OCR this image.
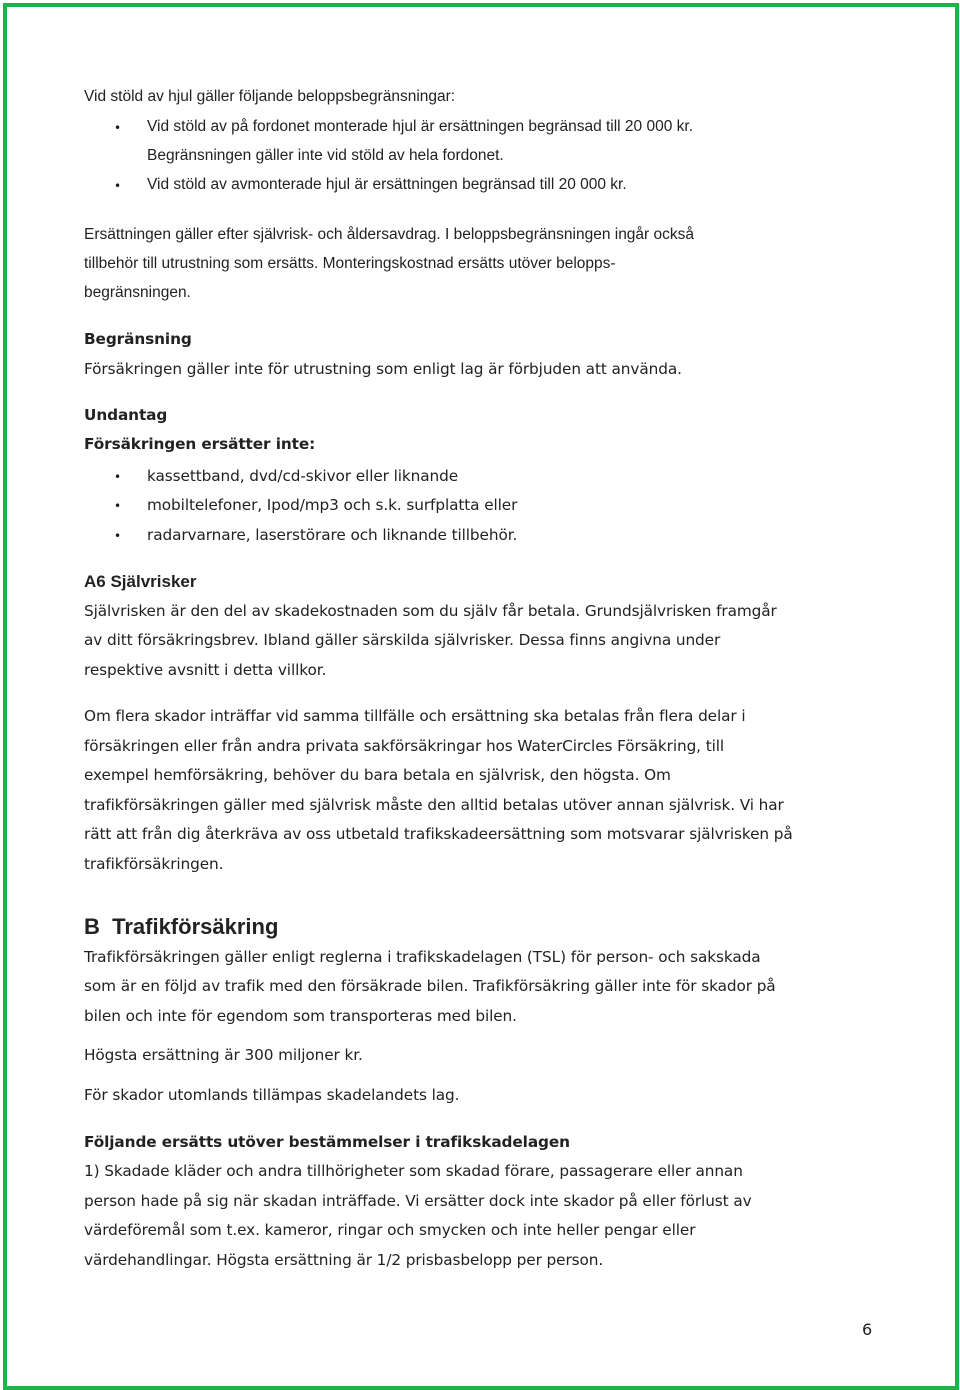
Vid stöld av hjul gäller följande beloppsbegränsningar:
• Vid stöld av på fordonet monterade hjul är ersättningen begränsad till 20 000 kr.
Begränsningen gäller inte vid stöld av hela fordonet.
• Vid stöld av avmonterade hjul är ersättningen begränsad till 20 000 kr.
Ersättningen gäller efter självrisk- och åldersavdrag. I beloppsbegränsningen ingår också
tillbehör till utrustning som ersätts. Monteringskostnad ersätts utöver belopps-
begränsningen.
Begränsning
Försäkringen gäller inte för utrustning som enligt lag är förbjuden att använda.
Undantag
Försäkringen ersätter inte:
• kassettband, dvd/cd-skivor eller liknande
• mobiltelefoner, Ipod/mp3 och s.k. surfplatta eller
• radarvarnare, laserstörare och liknande tillbehör.
A6 Självrisker
Självrisken är den del av skadekostnaden som du själv får betala. Grundsjälvrisken framgår
av ditt försäkringsbrev. Ibland gäller särskilda självrisker. Dessa finns angivna under
respektive avsnitt i detta villkor.
Om flera skador inträffar vid samma tillfälle och ersättning ska betalas från flera delar i
försäkringen eller från andra privata sakförsäkringar hos WaterCircles Försäkring, till
exempel hemförsäkring, behöver du bara betala en självrisk, den högsta. Om
trafikförsäkringen gäller med självrisk måste den alltid betalas utöver annan självrisk. Vi har
rätt att från dig återkräva av oss utbetald trafikskadeersättning som motsvarar självrisken på
trafikförsäkringen.
B  Trafikförsäkring
Trafikförsäkringen gäller enligt reglerna i trafikskadelagen (TSL) för person- och sakskada
som är en följd av trafik med den försäkrade bilen. Trafikförsäkring gäller inte för skador på
bilen och inte för egendom som transporteras med bilen.
Högsta ersättning är 300 miljoner kr.
För skador utomlands tillämpas skadelandets lag.
Följande ersätts utöver bestämmelser i trafikskadelagen
1) Skadade kläder och andra tillhörigheter som skadad förare, passagerare eller annan
person hade på sig när skadan inträffade. Vi ersätter dock inte skador på eller förlust av
värdeföremål som t.ex. kameror, ringar och smycken och inte heller pengar eller
värdehandlingar. Högsta ersättning är 1/2 prisbasbelopp per person.
6
